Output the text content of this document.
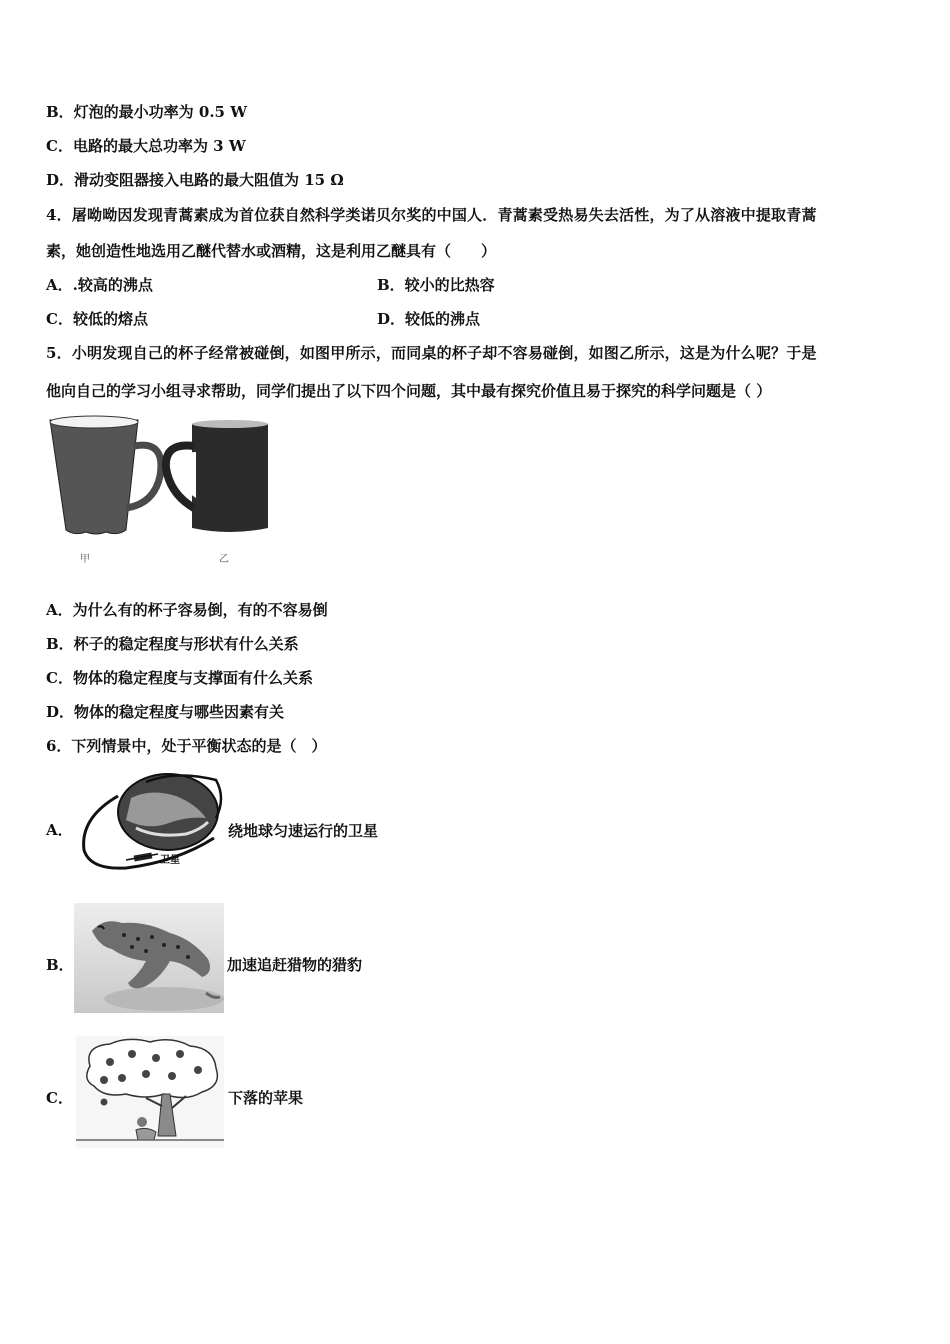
B．灯泡的最小功率为 0.5 W
C．电路的最大总功率为 3 W
D．滑动变阻器接入电路的最大阻值为 15 Ω
4．屠呦呦因发现青蒿素成为首位获自然科学类诺贝尔奖的中国人．青蒿素受热易失去活性，为了从溶液中提取青蒿
素，她创造性地选用乙醚代替水或酒精，这是利用乙醚具有（　　）
A．.较高的沸点	B．较小的比热容
C．较低的熔点	D．较低的沸点
5．小明发现自己的杯子经常被碰倒，如图甲所示，而同桌的杯子却不容易碰倒，如图乙所示，这是为什么呢？于是
他向自己的学习小组寻求帮助，同学们提出了以下四个问题，其中最有探究价值且易于探究的科学问题是（ ）
甲	乙
A．为什么有的杯子容易倒，有的不容易倒
B．杯子的稳定程度与形状有什么关系
C．物体的稳定程度与支撑面有什么关系
D．物体的稳定程度与哪些因素有关
6．下列情景中，处于平衡状态的是（　）
A．
卫星
绕地球匀速运行的卫星
B．	加速追赶猎物的猎豹
C．	下落的苹果
